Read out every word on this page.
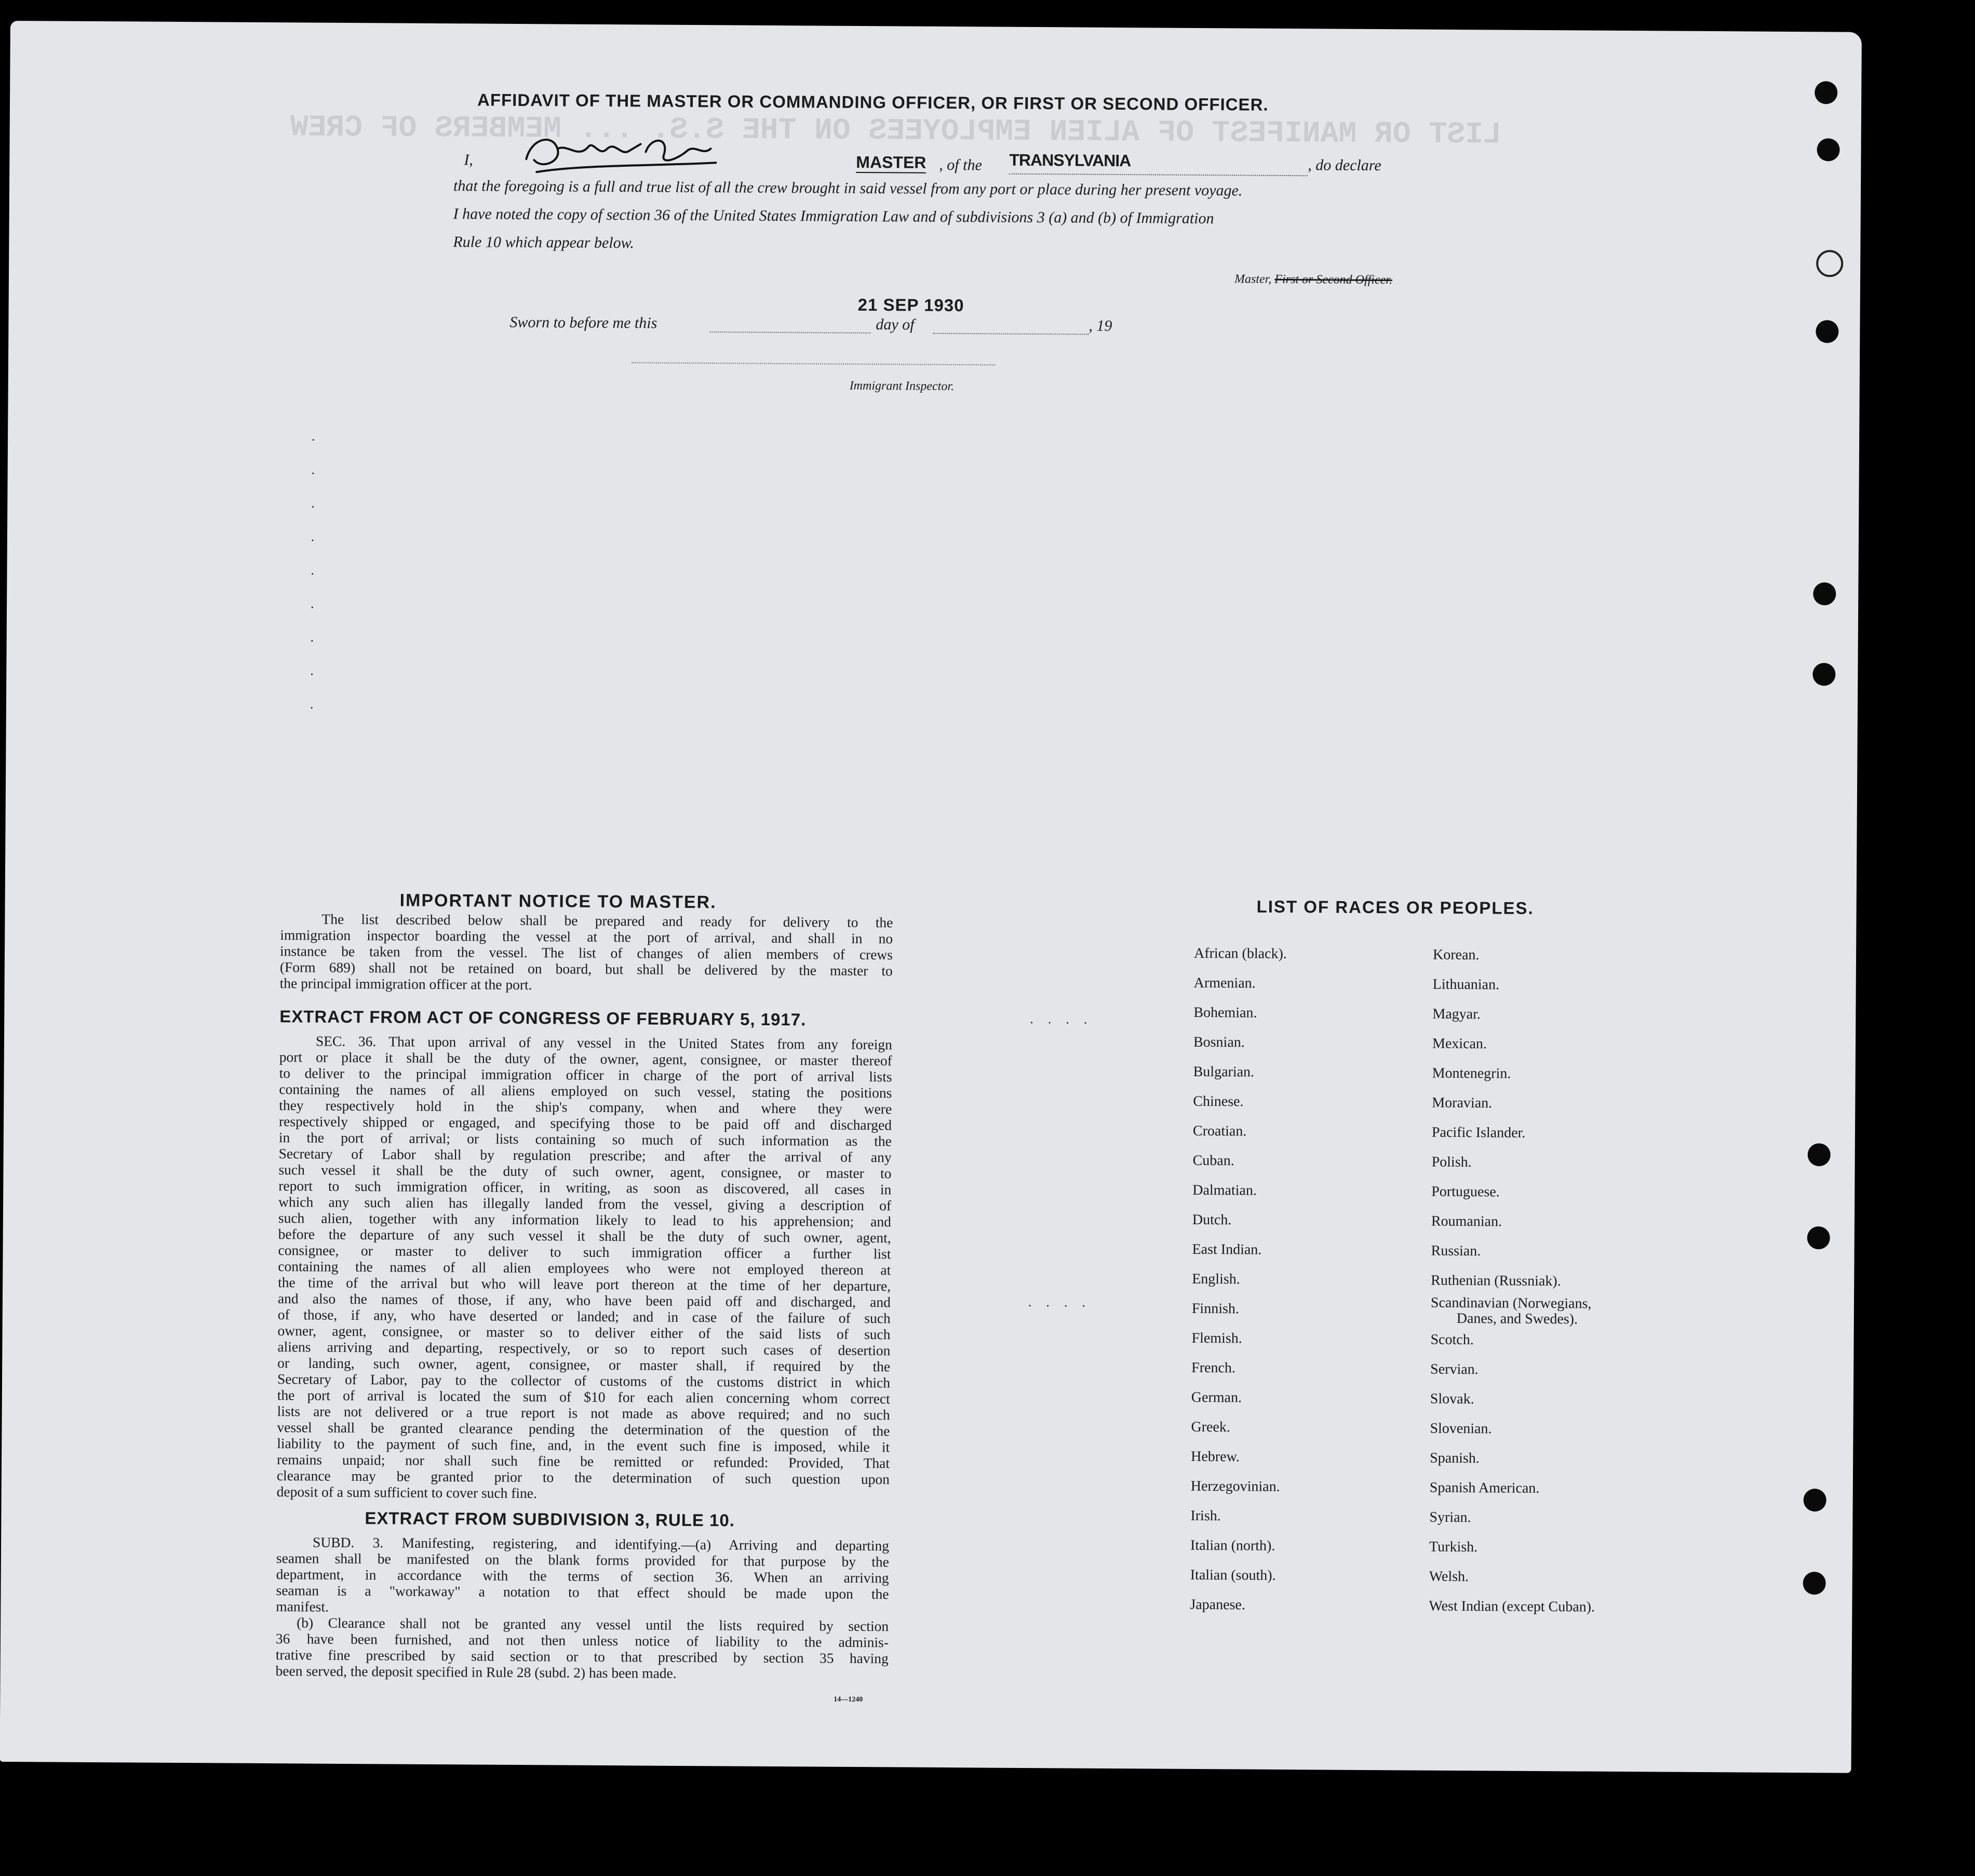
LIST OR MANIFEST OF ALIEN EMPLOYEES ON THE S.S. ... MEMBERS OF CREW
AFFIDAVIT OF THE MASTER OR COMMANDING OFFICER, OR FIRST OR SECOND OFFICER.
I,	MASTER , of the TRANSYLVANIA	, do declare
that the foregoing is a full and true list of all the crew brought in said vessel from any port or place during her present voyage.
I have noted the copy of section 36 of the United States Immigration Law and of subdivisions 3 (a) and (b) of Immigration
Rule 10 which appear below.
Master, First or Second Officer.
Sworn to before me this
21 SEP 1930
day of	, 19
Immigrant Inspector.
.........
....
....
IMPORTANT NOTICE TO MASTER.
The list described below shall be prepared and ready for delivery to the
immigration inspector boarding the vessel at the port of arrival, and shall in no
instance be taken from the vessel. The list of changes of alien members of crews
(Form 689) shall not be retained on board, but shall be delivered by the master to
the principal immigration officer at the port.
EXTRACT FROM ACT OF CONGRESS OF FEBRUARY 5, 1917.
SEC. 36. That upon arrival of any vessel in the United States from any foreign
port or place it shall be the duty of the owner, agent, consignee, or master thereof
to deliver to the principal immigration officer in charge of the port of arrival lists
containing the names of all aliens employed on such vessel, stating the positions
they respectively hold in the ship's company, when and where they were
respectively shipped or engaged, and specifying those to be paid off and discharged
in the port of arrival; or lists containing so much of such information as the
Secretary of Labor shall by regulation prescribe; and after the arrival of any
such vessel it shall be the duty of such owner, agent, consignee, or master to
report to such immigration officer, in writing, as soon as discovered, all cases in
which any such alien has illegally landed from the vessel, giving a description of
such alien, together with any information likely to lead to his apprehension; and
before the departure of any such vessel it shall be the duty of such owner, agent,
consignee, or master to deliver to such immigration officer a further list
containing the names of all alien employees who were not employed thereon at
the time of the arrival but who will leave port thereon at the time of her departure,
and also the names of those, if any, who have been paid off and discharged, and
of those, if any, who have deserted or landed; and in case of the failure of such
owner, agent, consignee, or master so to deliver either of the said lists of such
aliens arriving and departing, respectively, or so to report such cases of desertion
or landing, such owner, agent, consignee, or master shall, if required by the
Secretary of Labor, pay to the collector of customs of the customs district in which
the port of arrival is located the sum of $10 for each alien concerning whom correct
lists are not delivered or a true report is not made as above required; and no such
vessel shall be granted clearance pending the determination of the question of the
liability to the payment of such fine, and, in the event such fine is imposed, while it
remains unpaid; nor shall such fine be remitted or refunded: Provided, That
clearance may be granted prior to the determination of such question upon
deposit of a sum sufficient to cover such fine.
EXTRACT FROM SUBDIVISION 3, RULE 10.
SUBD. 3. Manifesting, registering, and identifying.—(a) Arriving and departing
seamen shall be manifested on the blank forms provided for that purpose by the
department, in accordance with the terms of section 36. When an arriving
seaman is a "workaway" a notation to that effect should be made upon the
manifest.
(b) Clearance shall not be granted any vessel until the lists required by section
36 have been furnished, and not then unless notice of liability to the adminis-
trative fine prescribed by said section or to that prescribed by section 35 having
been served, the deposit specified in Rule 28 (subd. 2) has been made.
14—1240
LIST OF RACES OR PEOPLES.
African (black).
Armenian.
Bohemian.
Bosnian.
Bulgarian.
Chinese.
Croatian.
Cuban.
Dalmatian.
Dutch.
East Indian.
English.
Finnish.
Flemish.
French.
German.
Greek.
Hebrew.
Herzegovinian.
Irish.
Italian (north).
Italian (south).
Japanese.
Korean.
Lithuanian.
Magyar.
Mexican.
Montenegrin.
Moravian.
Pacific Islander.
Polish.
Portuguese.
Roumanian.
Russian.
Ruthenian (Russniak).
Scandinavian (Norwegians,
Danes, and Swedes).
Scotch.
Servian.
Slovak.
Slovenian.
Spanish.
Spanish American.
Syrian.
Turkish.
Welsh.
West Indian (except Cuban).
